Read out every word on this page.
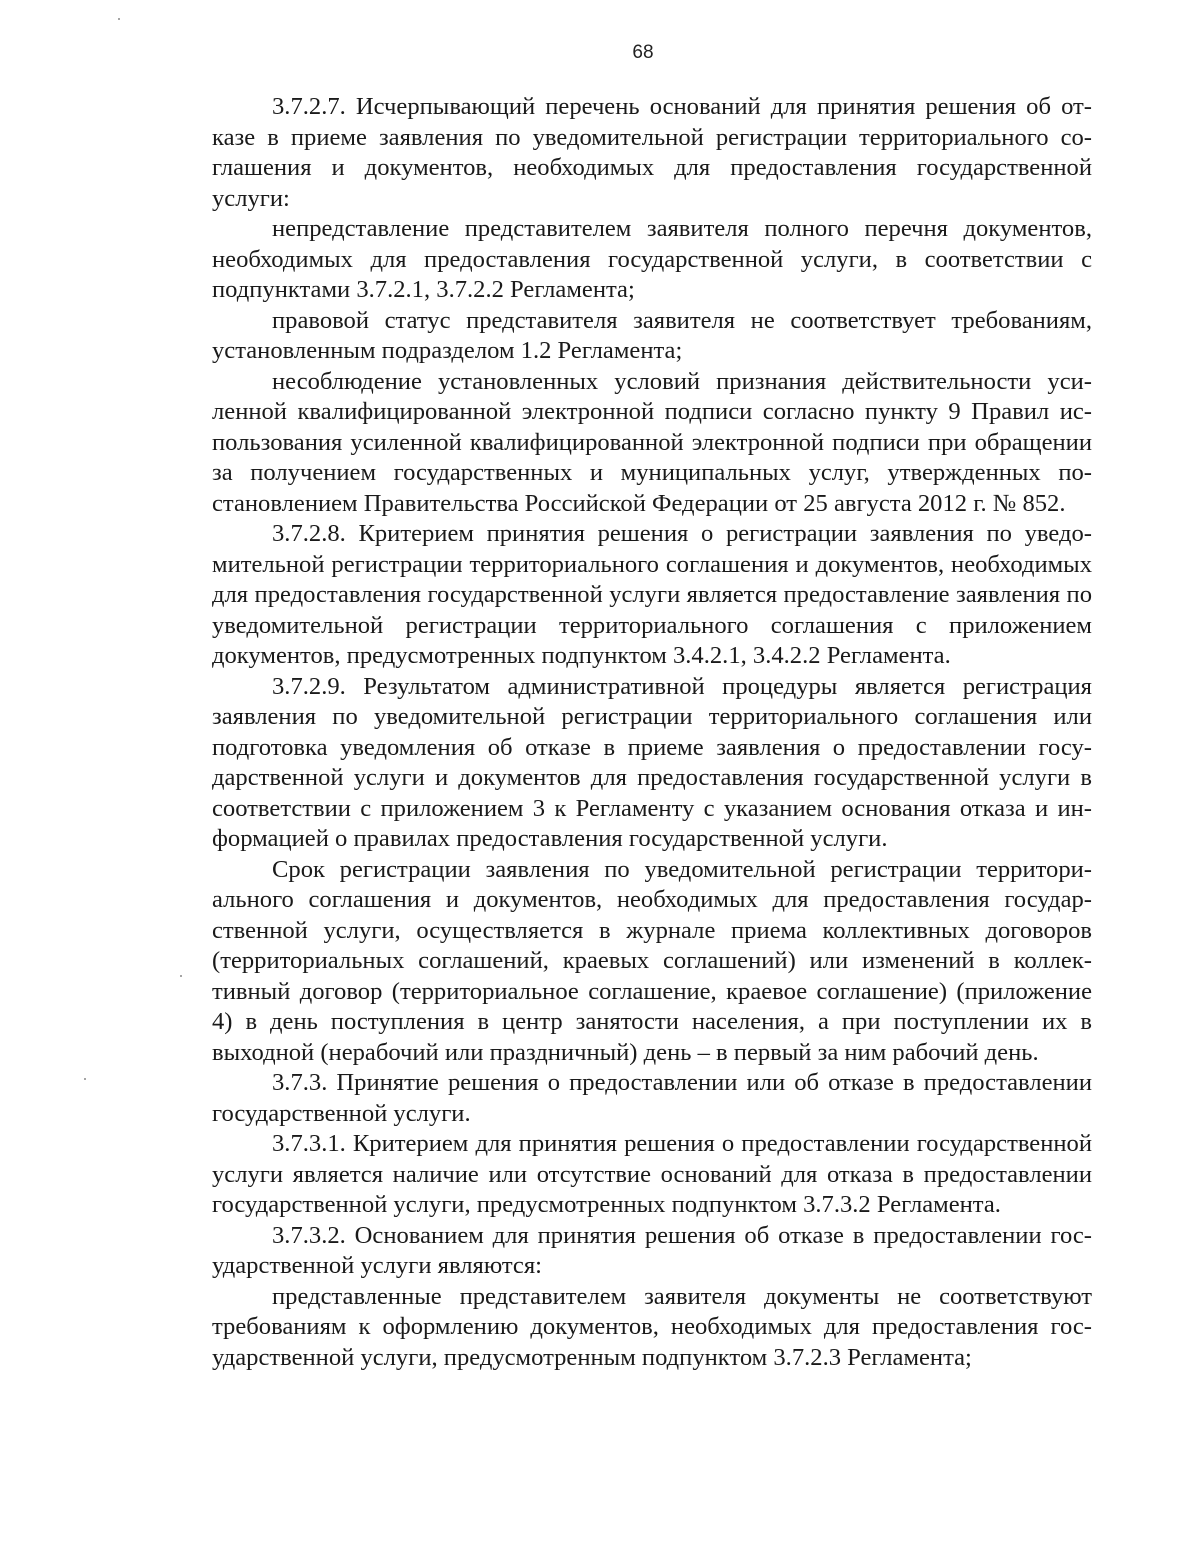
68

3.7.2.7. Исчерпывающий перечень оснований для принятия решения об отказе в приеме заявления по уведомительной регистрации территориального соглашения и документов, необходимых для предоставления государственной услуги:

непредставление представителем заявителя полного перечня документов, необходимых для предоставления государственной услуги, в соответствии с подпунктами 3.7.2.1, 3.7.2.2 Регламента;

правовой статус представителя заявителя не соответствует требованиям, установленным подразделом 1.2 Регламента;

несоблюдение установленных условий признания действительности усиленной квалифицированной электронной подписи согласно пункту 9 Правил использования усиленной квалифицированной электронной подписи при обращении за получением государственных и муниципальных услуг, утвержденных постановлением Правительства Российской Федерации от 25 августа 2012 г. № 852.

3.7.2.8. Критерием принятия решения о регистрации заявления по уведомительной регистрации территориального соглашения и документов, необходимых для предоставления государственной услуги является предоставление заявления по уведомительной регистрации территориального соглашения с приложением документов, предусмотренных подпунктом 3.4.2.1, 3.4.2.2 Регламента.

3.7.2.9. Результатом административной процедуры является регистрация заявления по уведомительной регистрации территориального соглашения или подготовка уведомления об отказе в приеме заявления о предоставлении государственной услуги и документов для предоставления государственной услуги в соответствии с приложением 3 к Регламенту с указанием основания отказа и информацией о правилах предоставления государственной услуги.

Срок регистрации заявления по уведомительной регистрации территориального соглашения и документов, необходимых для предоставления государственной услуги, осуществляется в журнале приема коллективных договоров (территориальных соглашений, краевых соглашений) или изменений в коллективный договор (территориальное соглашение, краевое соглашение) (приложение 4) в день поступления в центр занятости населения, а при поступлении их в выходной (нерабочий или праздничный) день – в первый за ним рабочий день.

3.7.3. Принятие решения о предоставлении или об отказе в предоставлении государственной услуги.

3.7.3.1. Критерием для принятия решения о предоставлении государственной услуги является наличие или отсутствие оснований для отказа в предоставлении государственной услуги, предусмотренных подпунктом 3.7.3.2 Регламента.

3.7.3.2. Основанием для принятия решения об отказе в предоставлении государственной услуги являются:

представленные представителем заявителя документы не соответствуют требованиям к оформлению документов, необходимых для предоставления государственной услуги, предусмотренным подпунктом 3.7.2.3 Регламента;
